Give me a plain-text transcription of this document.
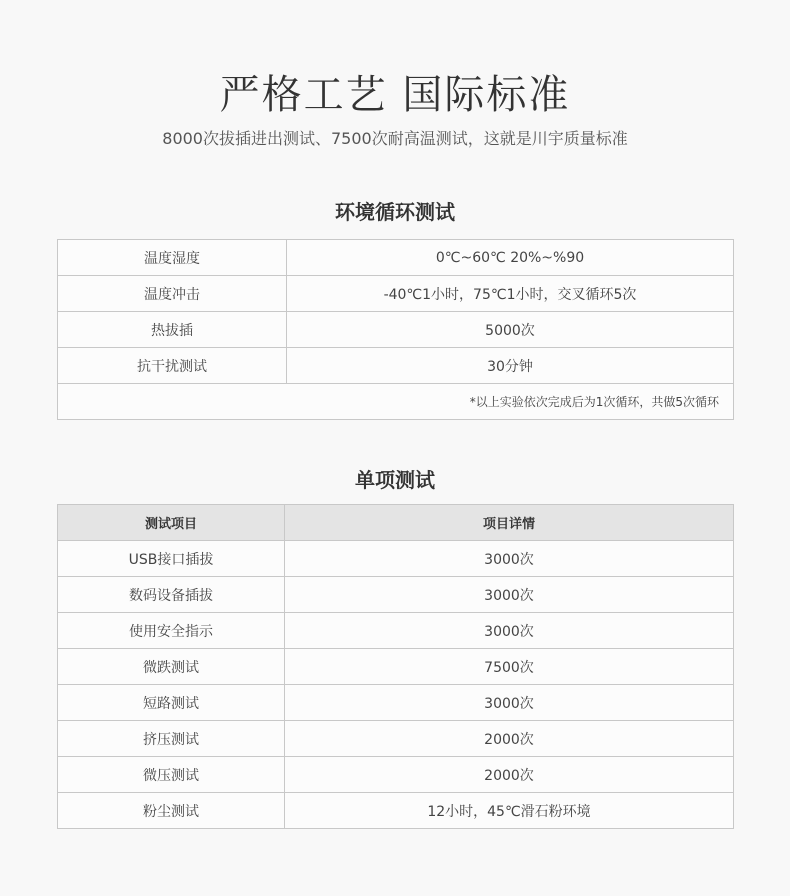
严格工艺 国际标准
8000次拔插进出测试、7500次耐高温测试，这就是川宇质量标准
环境循环测试
温度湿度	0℃~60℃ 20%~%90
温度冲击	-40℃1小时，75℃1小时，交叉循环5次
热拔插	5000次
抗干扰测试	30分钟
*以上实验依次完成后为1次循环，共做5次循环	
单项测试
测试项目	项目详情
USB接口插拔	3000次
数码设备插拔	3000次
使用安全指示	3000次
微跌测试	7500次
短路测试	3000次
挤压测试	2000次
微压测试	2000次
粉尘测试	12小时，45℃滑石粉环境
